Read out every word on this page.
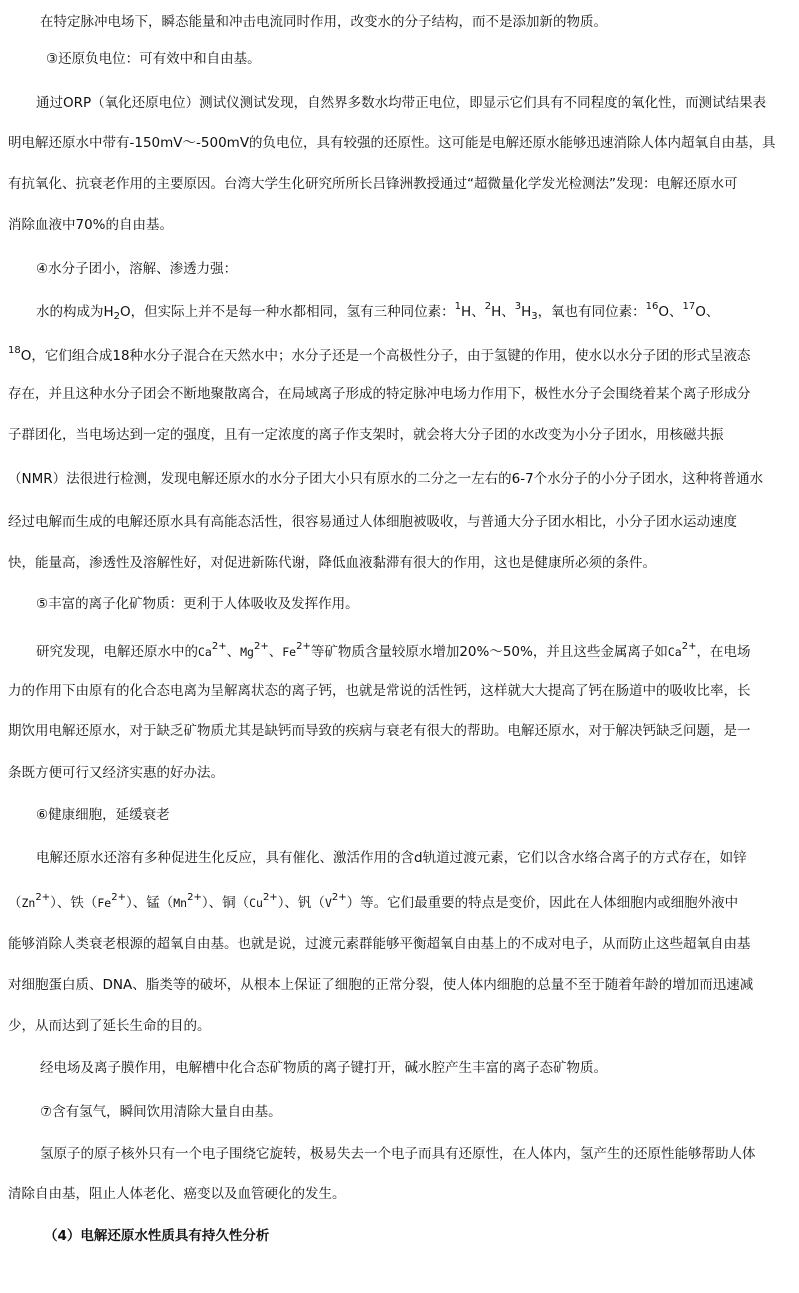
在特定脉冲电场下，瞬态能量和冲击电流同时作用，改变水的分子结构，而不是添加新的物质。
③还原负电位：可有效中和自由基。
通过ORP（氧化还原电位）测试仪测试发现，自然界多数水均带正电位，即显示它们具有不同程度的氧化性，而测试结果表
明电解还原水中带有-150mV～-500mV的负电位，具有较强的还原性。这可能是电解还原水能够迅速消除人体内超氧自由基，具
有抗氧化、抗衰老作用的主要原因。台湾大学生化研究所所长吕锋洲教授通过“超微量化学发光检测法”发现：电解还原水可
消除血液中70%的自由基。
④水分子团小，溶解、渗透力强：
水的构成为$H_2O$，但实际上并不是每一种水都相同，氢有三种同位素：$^1$H、$^2$H、$^3H_3$，氧也有同位素：$^{16}$O、$^{17}$O、
$^{18}$O，它们组合成18种水分子混合在天然水中；水分子还是一个高极性分子，由于氢键的作用，使水以水分子团的形式呈液态
存在，并且这种水分子团会不断地聚散离合，在局域离子形成的特定脉冲电场力作用下，极性水分子会围绕着某个离子形成分
子群团化，当电场达到一定的强度，且有一定浓度的离子作支架时，就会将大分子团的水改变为小分子团水，用核磁共振
（NMR）法很进行检测，发现电解还原水的水分子团大小只有原水的二分之一左右的6-7个水分子的小分子团水，这种将普通水
经过电解而生成的电解还原水具有高能态活性，很容易通过人体细胞被吸收，与普通大分子团水相比，小分子团水运动速度
快，能量高，渗透性及溶解性好，对促进新陈代谢，降低血液黏滞有很大的作用，这也是健康所必须的条件。
⑤丰富的离子化矿物质：更利于人体吸收及发挥作用。
研究发现，电解还原水中的$Ca^{2+}$、$Mg^{2+}$、$Fe^{2+}$等矿物质含量较原水增加20%～50%，并且这些金属离子如$Ca^{2+}$，在电场
力的作用下由原有的化合态电离为呈解离状态的离子钙，也就是常说的活性钙，这样就大大提高了钙在肠道中的吸收比率，长
期饮用电解还原水，对于缺乏矿物质尤其是缺钙而导致的疾病与衰老有很大的帮助。电解还原水，对于解决钙缺乏问题，是一
条既方便可行又经济实惠的好办法。
⑥健康细胞，延缓衰老
电解还原水还溶有多种促进生化反应，具有催化、激活作用的含d轨道过渡元素，它们以含水络合离子的方式存在，如锌
$(Zn^{2+})$、铁$(Fe^{2+})$、锰$(Mn^{2+})$、铜$(Cu^{2+})$、钒$(V^{2+})$等。它们最重要的特点是变价，因此在人体细胞内或细胞外液中
能够消除人类衰老根源的超氧自由基。也就是说，过渡元素群能够平衡超氧自由基上的不成对电子，从而防止这些超氧自由基
对细胞蛋白质、DNA、脂类等的破坏，从根本上保证了细胞的正常分裂，使人体内细胞的总量不至于随着年龄的增加而迅速减
少，从而达到了延长生命的目的。
经电场及离子膜作用，电解槽中化合态矿物质的离子键打开，碱水腔产生丰富的离子态矿物质。
⑦含有氢气，瞬间饮用清除大量自由基。
氢原子的原子核外只有一个电子围绕它旋转，极易失去一个电子而具有还原性，在人体内，氢产生的还原性能够帮助人体
清除自由基，阻止人体老化、癌变以及血管硬化的发生。
（4）电解还原水性质具有持久性分析
